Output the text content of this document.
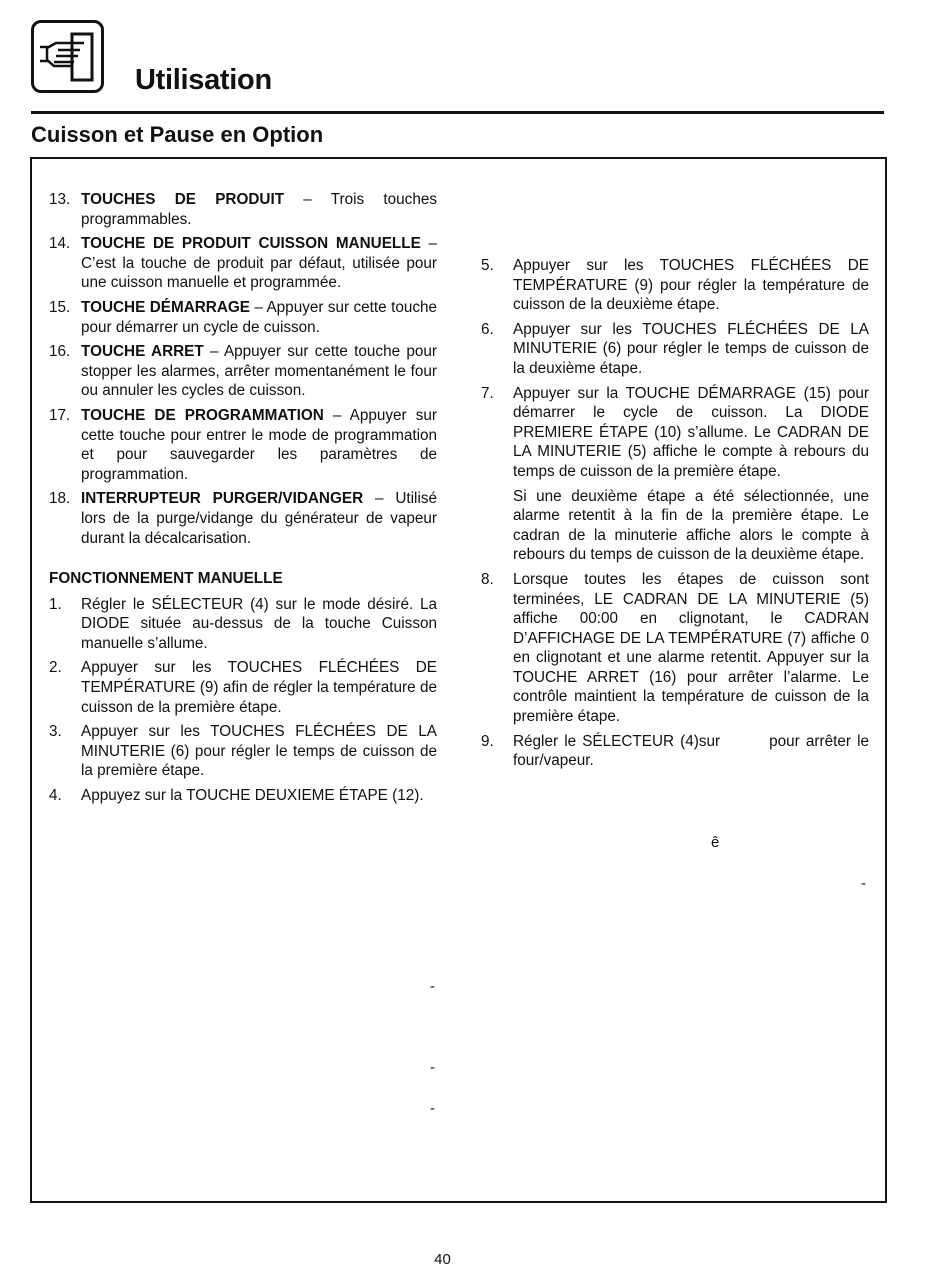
Utilisation
Cuisson et Pause en Option
13. TOUCHES DE PRODUIT – Trois touches programmables.
14. TOUCHE DE PRODUIT CUISSON MANUELLE – C’est la touche de produit par défaut, utilisée pour une cuisson manuelle et programmée.
15. TOUCHE DÉMARRAGE – Appuyer sur cette touche pour démarrer un cycle de cuisson.
16. TOUCHE ARRET – Appuyer sur cette touche pour stopper les alarmes, arrêter momentanément le four ou annuler les cycles de cuisson.
17. TOUCHE DE PROGRAMMATION – Appuyer sur cette touche pour entrer le mode de programmation et pour sauvegarder les paramètres de programmation.
18. INTERRUPTEUR PURGER/VIDANGER – Utilisé lors de la purge/vidange du générateur de vapeur durant la décalcarisation.
FONCTIONNEMENT MANUELLE
1.	Régler le SÉLECTEUR (4) sur le mode désiré. La DIODE située au-dessus de la touche Cuisson manuelle s’allume.
2.	Appuyer sur les TOUCHES FLÉCHÉES DE TEMPÉRATURE (9) afin de régler la température de cuisson de la première étape.
3.	Appuyer sur les TOUCHES FLÉCHÉES DE LA MINUTERIE (6) pour régler le temps de cuisson de la première étape.
4.	Appuyez sur la TOUCHE DEUXIEME ÉTAPE (12).
5.	Appuyer sur les TOUCHES FLÉCHÉES DE TEMPÉRATURE (9) pour régler la température de cuisson de la deuxième étape.
6.	Appuyer sur les TOUCHES FLÉCHÉES DE LA MINUTERIE (6) pour régler le temps de cuisson de la deuxième étape.
7.	Appuyer sur la TOUCHE DÉMARRAGE (15) pour démarrer le cycle de cuisson. La DIODE PREMIERE ÉTAPE (10) s’allume. Le CADRAN DE LA MINUTERIE (5) affiche le compte à rebours du temps de cuisson de la première étape.
Si une deuxième étape a été sélectionnée, une alarme retentit à la fin de la première étape. Le cadran de la minuterie affiche alors le compte à rebours du temps de cuisson de la deuxième étape.
8.	Lorsque toutes les étapes de cuisson sont terminées, LE CADRAN DE LA MINUTERIE (5) affiche 00:00 en clignotant, le CADRAN D’AFFICHAGE DE LA TEMPÉRATURE (7) affiche 0 en clignotant et une alarme retentit. Appuyer sur la TOUCHE ARRET (16) pour arrêter l’alarme. Le contrôle maintient la température de cuisson de la première étape.
9.	Régler le SÉLECTEUR (4)sur        pour arrêter le four/vapeur.
ê
-
-
-
-
40
